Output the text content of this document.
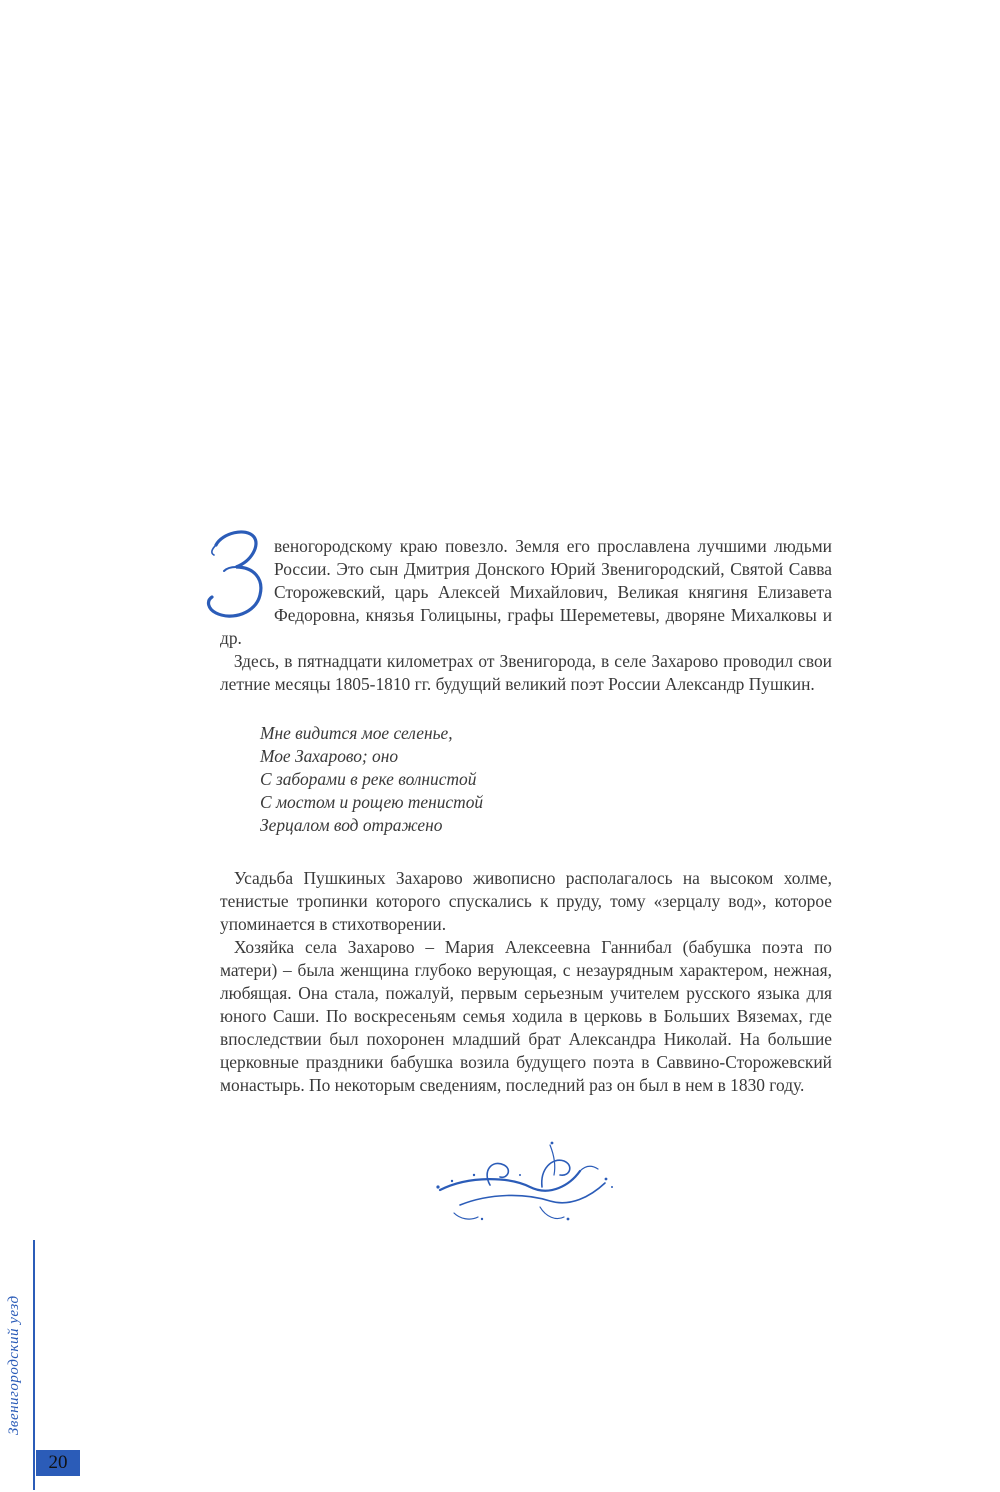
веногородскому краю повезло. Земля его прославлена лучшими людьми России. Это сын Дмитрия Донского Юрий Звенигородский, Святой Савва Сторожевский, царь Алексей Михайлович, Великая княгиня Елизавета Федоровна, князья Голицыны, графы Шереметевы, дворяне Михалковы и др.

Здесь, в пятнадцати километрах от Звенигорода, в селе Захарово проводил свои летние месяцы 1805-1810 гг. будущий великий поэт России Александр Пушкин.

Мне видится мое селенье,
Мое Захарово; оно
С заборами в реке волнистой
С мостом и рощею тенистой
Зерцалом вод отражено

Усадьба Пушкиных Захарово живописно располагалось на высоком холме, тенистые тропинки которого спускались к пруду, тому «зерцалу вод», которое упоминается в стихотворении.

Хозяйка села Захарово – Мария Алексеевна Ганнибал (бабушка поэта по матери) – была женщина глубоко верующая, с незаурядным характером, нежная, любящая. Она стала, пожалуй, первым серьезным учителем русского языка для юного Саши. По воскресеньям семья ходила в церковь в Больших Вяземах, где впоследствии был похоронен младший брат Александра Николай. На большие церковные праздники бабушка возила будущего поэта в Саввино-Сторожевский монастырь. По некоторым сведениям, последний раз он был в нем в 1830 году.

Звенигородский уезд
20
